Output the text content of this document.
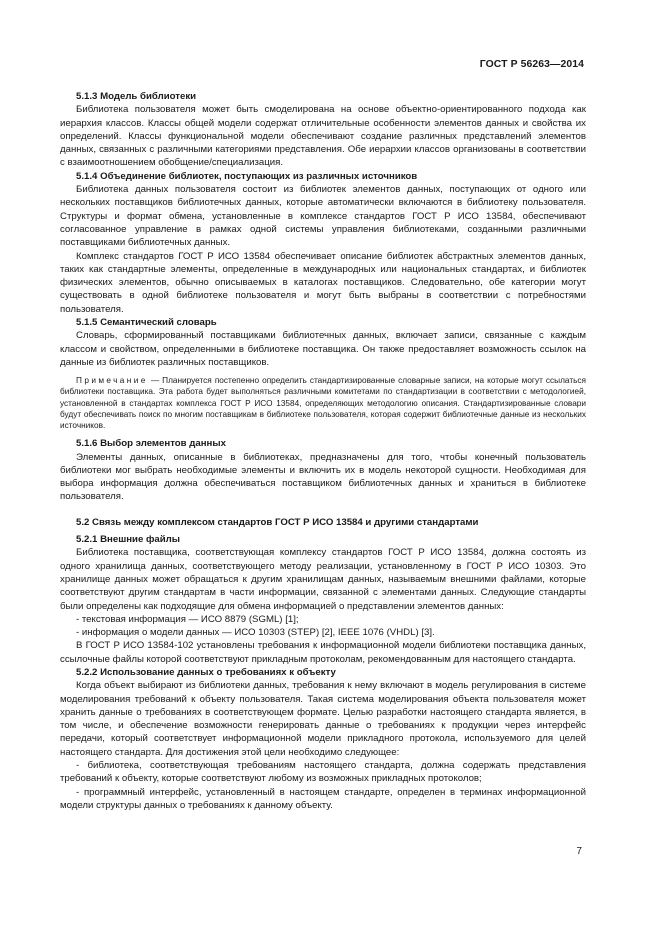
ГОСТ Р 56263—2014

5.1.3 Модель библиотеки

Библиотека пользователя может быть смоделирована на основе объектно-ориентированного подхода как иерархия классов. Классы общей модели содержат отличительные особенности элементов данных и свойства их определений. Классы функциональной модели обеспечивают создание различных представлений элементов данных, связанных с различными категориями представления. Обе иерархии классов организованы в соответствии с взаимоотношением обобщение/специализация.

5.1.4 Объединение библиотек, поступающих из различных источников

Библиотека данных пользователя состоит из библиотек элементов данных, поступающих от одного или нескольких поставщиков библиотечных данных, которые автоматически включаются в библиотеку пользователя. Структуры и формат обмена, установленные в комплексе стандартов ГОСТ Р ИСО 13584, обеспечивают согласованное управление в рамках одной системы управления библиотеками, созданными различными поставщиками библиотечных данных.

Комплекс стандартов ГОСТ Р ИСО 13584 обеспечивает описание библиотек абстрактных элементов данных, таких как стандартные элементы, определенные в международных или национальных стандартах, и библиотек физических элементов, обычно описываемых в каталогах поставщиков. Следовательно, обе категории могут существовать в одной библиотеке пользователя и могут быть выбраны в соответствии с потребностями пользователя.

5.1.5 Семантический словарь

Словарь, сформированный поставщиками библиотечных данных, включает записи, связанные с каждым классом и свойством, определенными в библиотеке поставщика. Он также предоставляет возможность ссылок на данные из библиотек различных поставщиков.

Примечание — Планируется постепенно определить стандартизированные словарные записи, на которые могут ссылаться библиотеки поставщика. Эта работа будет выполняться различными комитетами по стандартизации в соответствии с методологией, установленной в стандартах комплекса ГОСТ Р ИСО 13584, определяющих методологию описания. Стандартизированные словари будут обеспечивать поиск по многим поставщикам в библиотеке пользователя, которая содержит библиотечные данные из нескольких источников.

5.1.6 Выбор элементов данных

Элементы данных, описанные в библиотеках, предназначены для того, чтобы конечный пользователь библиотеки мог выбрать необходимые элементы и включить их в модель некоторой сущности. Необходимая для выбора информация должна обеспечиваться поставщиком библиотечных данных и храниться в библиотеке пользователя.

5.2 Связь между комплексом стандартов ГОСТ Р ИСО 13584 и другими стандартами

5.2.1 Внешние файлы

Библиотека поставщика, соответствующая комплексу стандартов ГОСТ Р ИСО 13584, должна состоять из одного хранилища данных, соответствующего методу реализации, установленному в ГОСТ Р ИСО 10303. Это хранилище данных может обращаться к другим хранилищам данных, называемым внешними файлами, которые соответствуют другим стандартам в части информации, связанной с элементами данных. Следующие стандарты были определены как подходящие для обмена информацией о представлении элементов данных:

- текстовая информация — ИСО 8879 (SGML) [1];

- информация о модели данных — ИСО 10303 (STEP) [2], IEEE 1076 (VHDL) [3].

В ГОСТ Р ИСО 13584-102 установлены требования к информационной модели библиотеки поставщика данных, ссылочные файлы которой соответствуют прикладным протоколам, рекомендованным для настоящего стандарта.

5.2.2 Использование данных о требованиях к объекту

Когда объект выбирают из библиотеки данных, требования к нему включают в модель регулирования в системе моделирования требований к объекту пользователя. Такая система моделирования объекта пользователя может хранить данные о требованиях в соответствующем формате. Целью разработки настоящего стандарта является, в том числе, и обеспечение возможности генерировать данные о требованиях к продукции через интерфейс передачи, который соответствует информационной модели прикладного протокола, используемого для целей настоящего стандарта. Для достижения этой цели необходимо следующее:

- библиотека, соответствующая требованиям настоящего стандарта, должна содержать представления требований к объекту, которые соответствуют любому из возможных прикладных протоколов;

- программный интерфейс, установленный в настоящем стандарте, определен в терминах информационной модели структуры данных о требованиях к данному объекту.

7
